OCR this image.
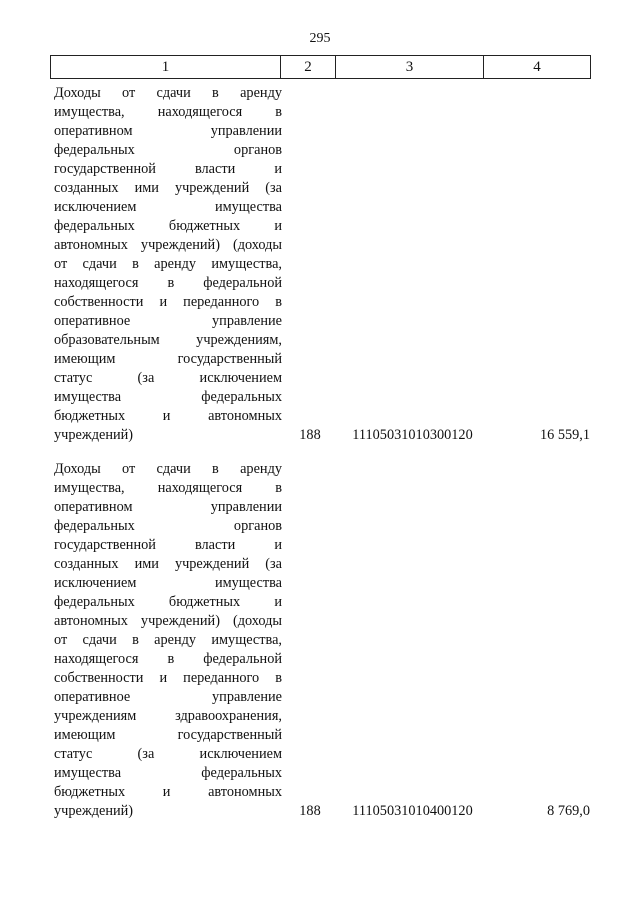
295
1	2	3	4
Доходы от сдачи в аренду
имущества, находящегося в
оперативном управлении
федеральных органов
государственной власти и
созданных ими учреждений (за
исключением имущества
федеральных бюджетных и
автономных учреждений) (доходы
от сдачи в аренду имущества,
находящегося в федеральной
собственности и переданного в
оперативное управление
образовательным учреждениям,
имеющим государственный
статус (за исключением
имущества федеральных
бюджетных и автономных
учреждений)	188	11105031010300120	16 559,1
Доходы от сдачи в аренду
имущества, находящегося в
оперативном управлении
федеральных органов
государственной власти и
созданных ими учреждений (за
исключением имущества
федеральных бюджетных и
автономных учреждений) (доходы
от сдачи в аренду имущества,
находящегося в федеральной
собственности и переданного в
оперативное управление
учреждениям здравоохранения,
имеющим государственный
статус (за исключением
имущества федеральных
бюджетных и автономных
учреждений)	188	11105031010400120	8 769,0
